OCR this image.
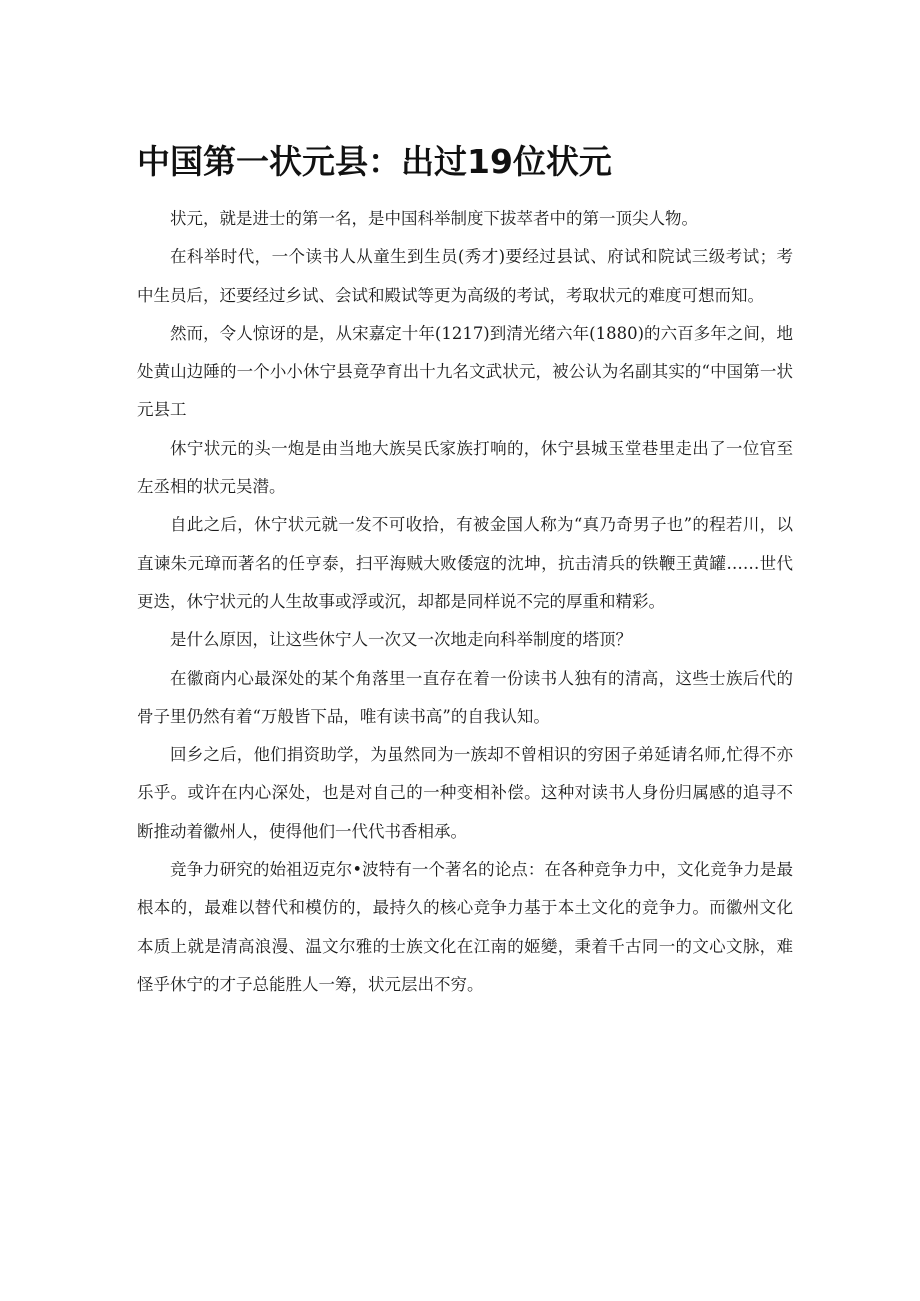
中国第一状元县：出过19位状元

状元，就是进士的第一名，是中国科举制度下拔萃者中的第一顶尖人物。

在科举时代，一个读书人从童生到生员(秀才)要经过县试、府试和院试三级考试；考中生员后，还要经过乡试、会试和殿试等更为高级的考试，考取状元的难度可想而知。

然而，令人惊讶的是，从宋嘉定十年(1217)到清光绪六年(1880)的六百多年之间，地处黄山边陲的一个小小休宁县竟孕育出十九名文武状元，被公认为名副其实的“中国第一状元县工

休宁状元的头一炮是由当地大族吴氏家族打响的，休宁县城玉堂巷里走出了一位官至左丞相的状元吴潜。

自此之后，休宁状元就一发不可收拾，有被金国人称为“真乃奇男子也”的程若川，以直谏朱元璋而著名的任亨泰，扫平海贼大败倭寇的沈坤，抗击清兵的铁鞭王黄罐……世代更迭，休宁状元的人生故事或浮或沉，却都是同样说不完的厚重和精彩。

是什么原因，让这些休宁人一次又一次地走向科举制度的塔顶？

在徽商内心最深处的某个角落里一直存在着一份读书人独有的清高，这些士族后代的骨子里仍然有着“万般皆下品，唯有读书高”的自我认知。

回乡之后，他们捐资助学，为虽然同为一族却不曾相识的穷困子弟延请名师,忙得不亦乐乎。或许在内心深处，也是对自己的一种变相补偿。这种对读书人身份归属感的追寻不断推动着徽州人，使得他们一代代书香相承。

竞争力研究的始祖迈克尔•波特有一个著名的论点：在各种竞争力中，文化竞争力是最根本的，最难以替代和模仿的，最持久的核心竞争力基于本土文化的竞争力。而徽州文化本质上就是清高浪漫、温文尔雅的士族文化在江南的姬變，秉着千古同一的文心文脉，难怪乎休宁的才子总能胜人一筹，状元层出不穷。
